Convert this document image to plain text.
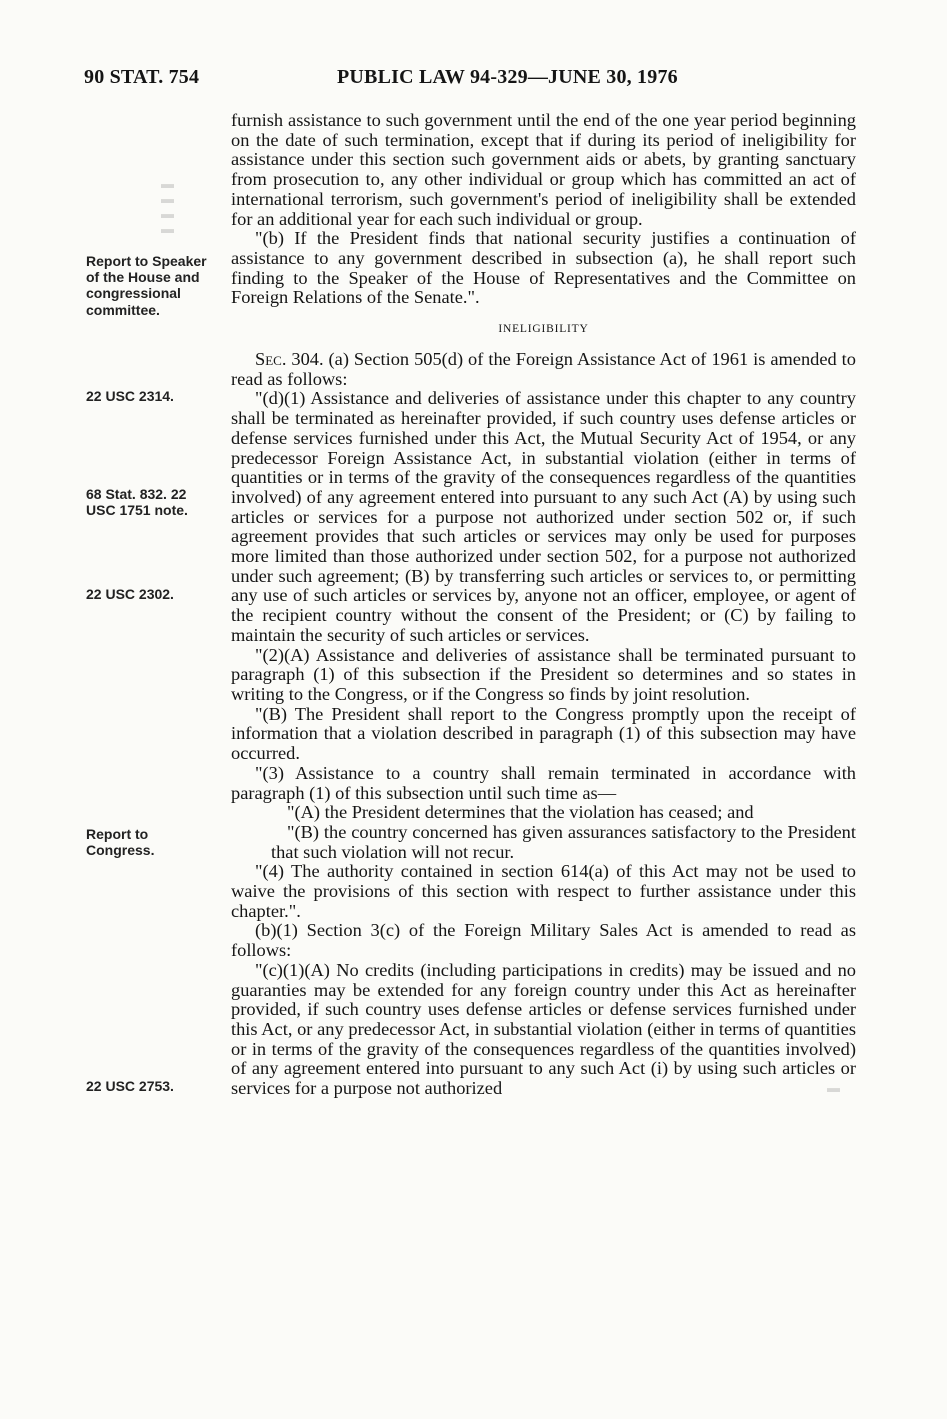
90 STAT. 754	PUBLIC LAW 94-329—JUNE 30, 1976
▬
▬
▬
▬
▬
Report to Speaker of the House and congressional committee.
22 USC 2314.
68 Stat. 832. 22 USC 1751 note.
22 USC 2302.
Report to Congress.
22 USC 2753.

furnish assistance to such government until the end of the one year period beginning on the date of such termination, except that if during its period of ineligibility for assistance under this section such government aids or abets, by granting sanctuary from prosecution to, any other individual or group which has committed an act of international terrorism, such government's period of ineligibility shall be extended for an additional year for each such individual or group.

"(b) If the President finds that national security justifies a continuation of assistance to any government described in subsection (a), he shall report such finding to the Speaker of the House of Representatives and the Committee on Foreign Relations of the Senate.".

INELIGIBILITY

Sec. 304. (a) Section 505(d) of the Foreign Assistance Act of 1961 is amended to read as follows:

"(d)(1) Assistance and deliveries of assistance under this chapter to any country shall be terminated as hereinafter provided, if such country uses defense articles or defense services furnished under this Act, the Mutual Security Act of 1954, or any predecessor Foreign Assistance Act, in substantial violation (either in terms of quantities or in terms of the gravity of the consequences regardless of the quantities involved) of any agreement entered into pursuant to any such Act (A) by using such articles or services for a purpose not authorized under section 502 or, if such agreement provides that such articles or services may only be used for purposes more limited than those authorized under section 502, for a purpose not authorized under such agreement; (B) by transferring such articles or services to, or permitting any use of such articles or services by, anyone not an officer, employee, or agent of the recipient country without the consent of the President; or (C) by failing to maintain the security of such articles or services.

"(2)(A) Assistance and deliveries of assistance shall be terminated pursuant to paragraph (1) of this subsection if the President so determines and so states in writing to the Congress, or if the Congress so finds by joint resolution.

"(B) The President shall report to the Congress promptly upon the receipt of information that a violation described in paragraph (1) of this subsection may have occurred.

"(3) Assistance to a country shall remain terminated in accordance with paragraph (1) of this subsection until such time as—

"(A) the President determines that the violation has ceased; and

"(B) the country concerned has given assurances satisfactory to the President that such violation will not recur.

"(4) The authority contained in section 614(a) of this Act may not be used to waive the provisions of this section with respect to further assistance under this chapter.".

(b)(1) Section 3(c) of the Foreign Military Sales Act is amended to read as follows:

"(c)(1)(A) No credits (including participations in credits) may be issued and no guaranties may be extended for any foreign country under this Act as hereinafter provided, if such country uses defense articles or defense services furnished under this Act, or any predecessor Act, in substantial violation (either in terms of quantities or in terms of the gravity of the consequences regardless of the quantities involved) of any agreement entered into pursuant to any such Act (i) by using such articles or services for a purpose not authorized
